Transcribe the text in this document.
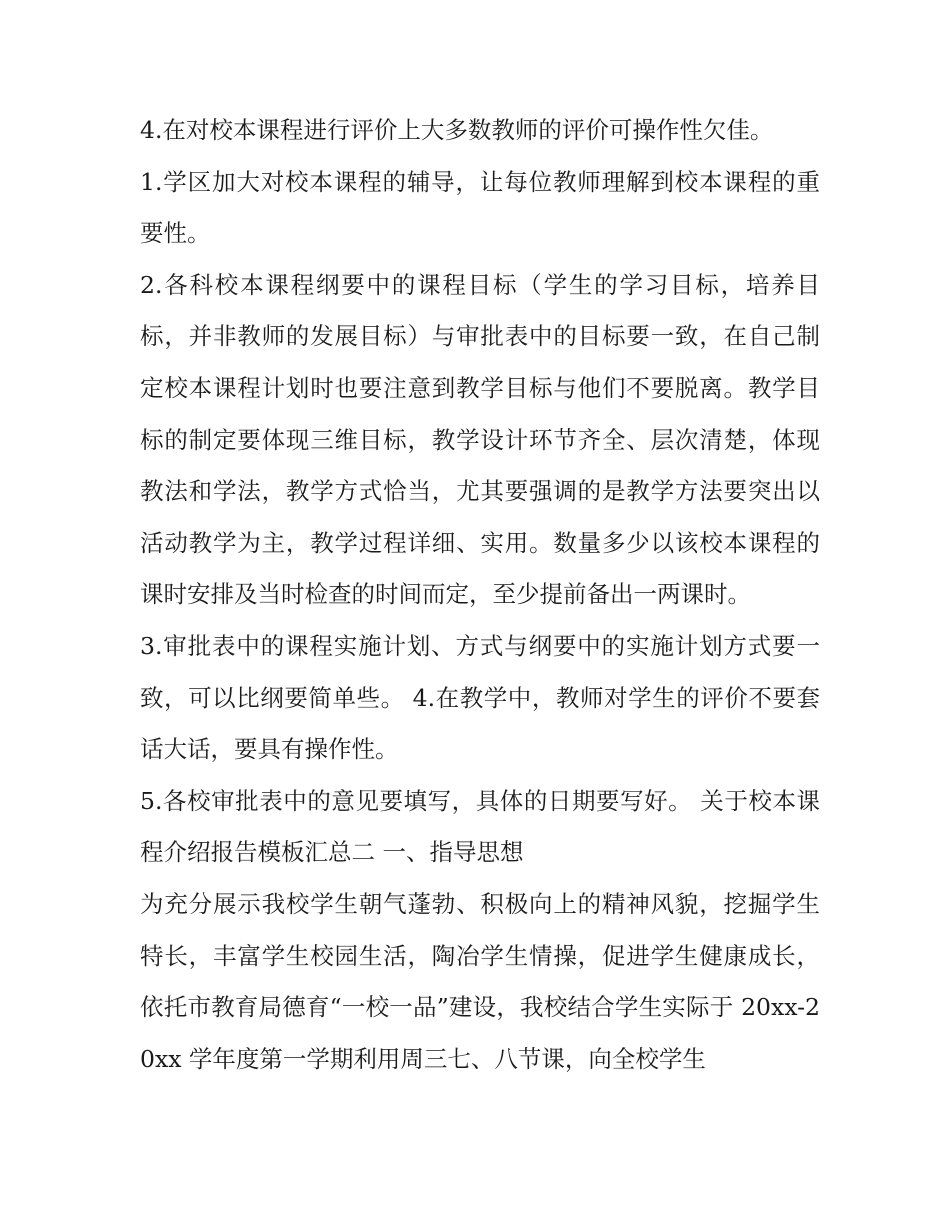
4.在对校本课程进行评价上大多数教师的评价可操作性欠佳。

1.学区加大对校本课程的辅导，让每位教师理解到校本课程的重要性。

2.各科校本课程纲要中的课程目标（学生的学习目标，培养目标，并非教师的发展目标）与审批表中的目标要一致，在自己制定校本课程计划时也要注意到教学目标与他们不要脱离。教学目标的制定要体现三维目标，教学设计环节齐全、层次清楚，体现教法和学法，教学方式恰当，尤其要强调的是教学方法要突出以活动教学为主，教学过程详细、实用。数量多少以该校本课程的课时安排及当时检查的时间而定，至少提前备出一两课时。

3.审批表中的课程实施计划、方式与纲要中的实施计划方式要一致，可以比纲要简单些。 4.在教学中，教师对学生的评价不要套话大话，要具有操作性。

5.各校审批表中的意见要填写，具体的日期要写好。 关于校本课程介绍报告模板汇总二 一、指导思想

为充分展示我校学生朝气蓬勃、积极向上的精神风貌，挖掘学生特长，丰富学生校园生活，陶冶学生情操，促进学生健康成长，依托市教育局德育“一校一品”建设，我校结合学生实际于 20xx-20xx 学年度第一学期利用周三七、八节课，向全校学生
